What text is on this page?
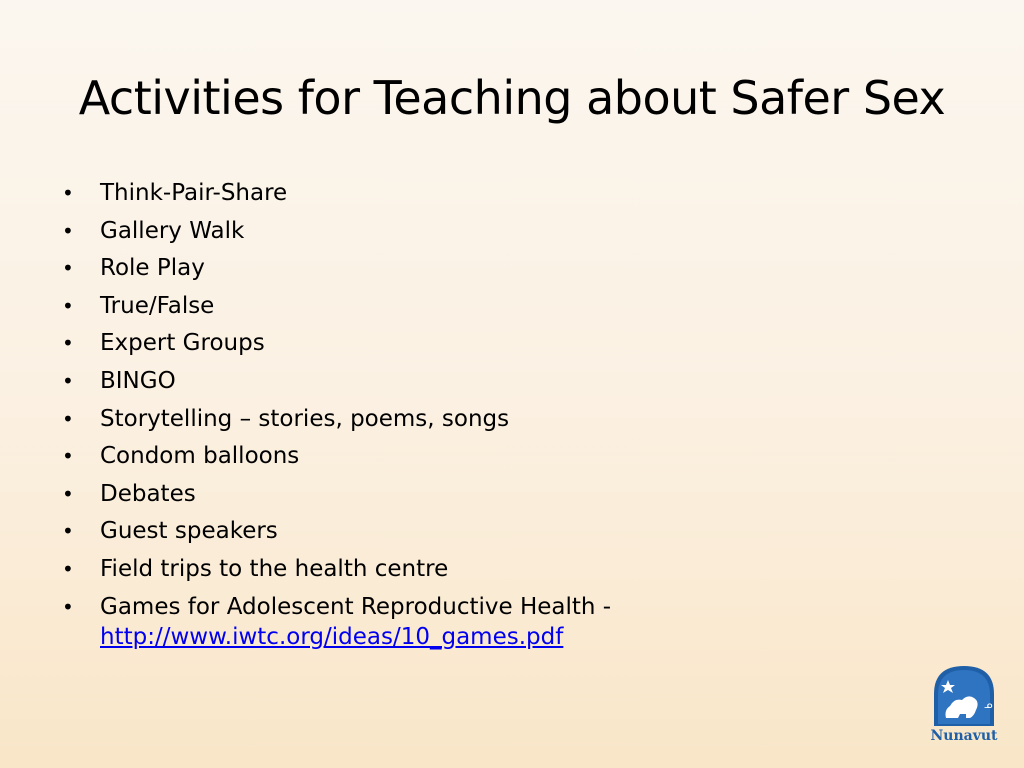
Activities for Teaching about Safer Sex
• Think-Pair-Share
• Gallery Walk
• Role Play
• True/False
• Expert Groups
• BINGO
• Storytelling – stories, poems, songs
• Condom balloons
• Debates
• Guest speakers
• Field trips to the health centre
• Games for Adolescent Reproductive Health -
http://www.iwtc.org/ideas/10_games.pdf
ᓄ
Nunavut
